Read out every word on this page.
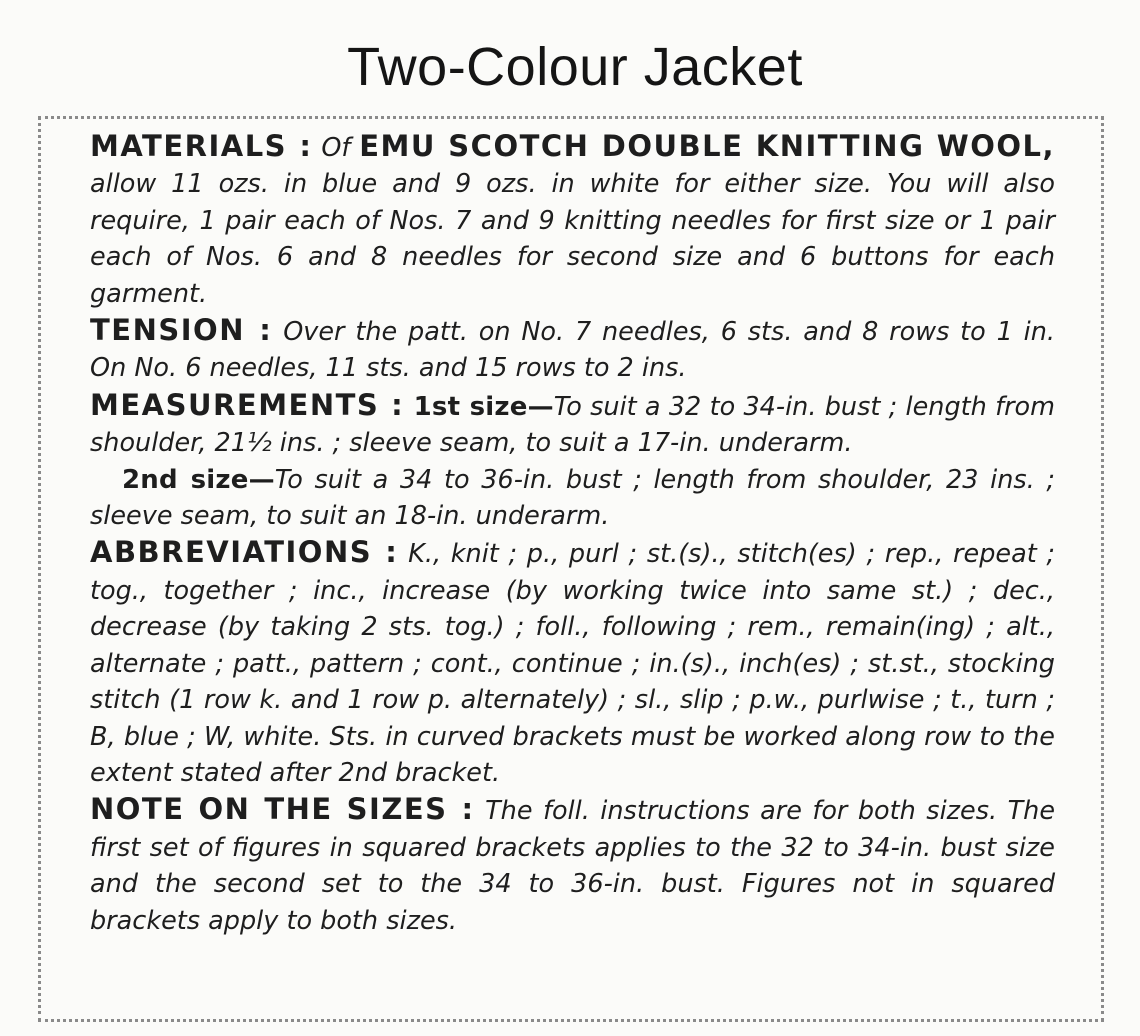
Two-Colour Jacket

MATERIALS : Of EMU SCOTCH DOUBLE KNITTING WOOL, allow 11 ozs. in blue and 9 ozs. in white for either size. You will also require, 1 pair each of Nos. 7 and 9 knitting needles for first size or 1 pair each of Nos. 6 and 8 needles for second size and 6 buttons for each garment.

TENSION : Over the patt. on No. 7 needles, 6 sts. and 8 rows to 1 in. On No. 6 needles, 11 sts. and 15 rows to 2 ins.

MEASUREMENTS : 1st size—To suit a 32 to 34-in. bust ; length from shoulder, 21½ ins. ; sleeve seam, to suit a 17-in. underarm.

2nd size—To suit a 34 to 36-in. bust ; length from shoulder, 23 ins. ; sleeve seam, to suit an 18-in. underarm.

ABBREVIATIONS : K., knit ; p., purl ; st.(s)., stitch(es) ; rep., repeat ; tog., together ; inc., increase (by working twice into same st.) ; dec., decrease (by taking 2 sts. tog.) ; foll., following ; rem., remain(ing) ; alt., alternate ; patt., pattern ; cont., continue ; in.(s)., inch(es) ; st.st., stocking stitch (1 row k. and 1 row p. alternately) ; sl., slip ; p.w., purlwise ; t., turn ; B, blue ; W, white. Sts. in curved brackets must be worked along row to the extent stated after 2nd bracket.

NOTE ON THE SIZES : The foll. instructions are for both sizes. The first set of figures in squared brackets applies to the 32 to 34-in. bust size and the second set to the 34 to 36-in. bust. Figures not in squared brackets apply to both sizes.
